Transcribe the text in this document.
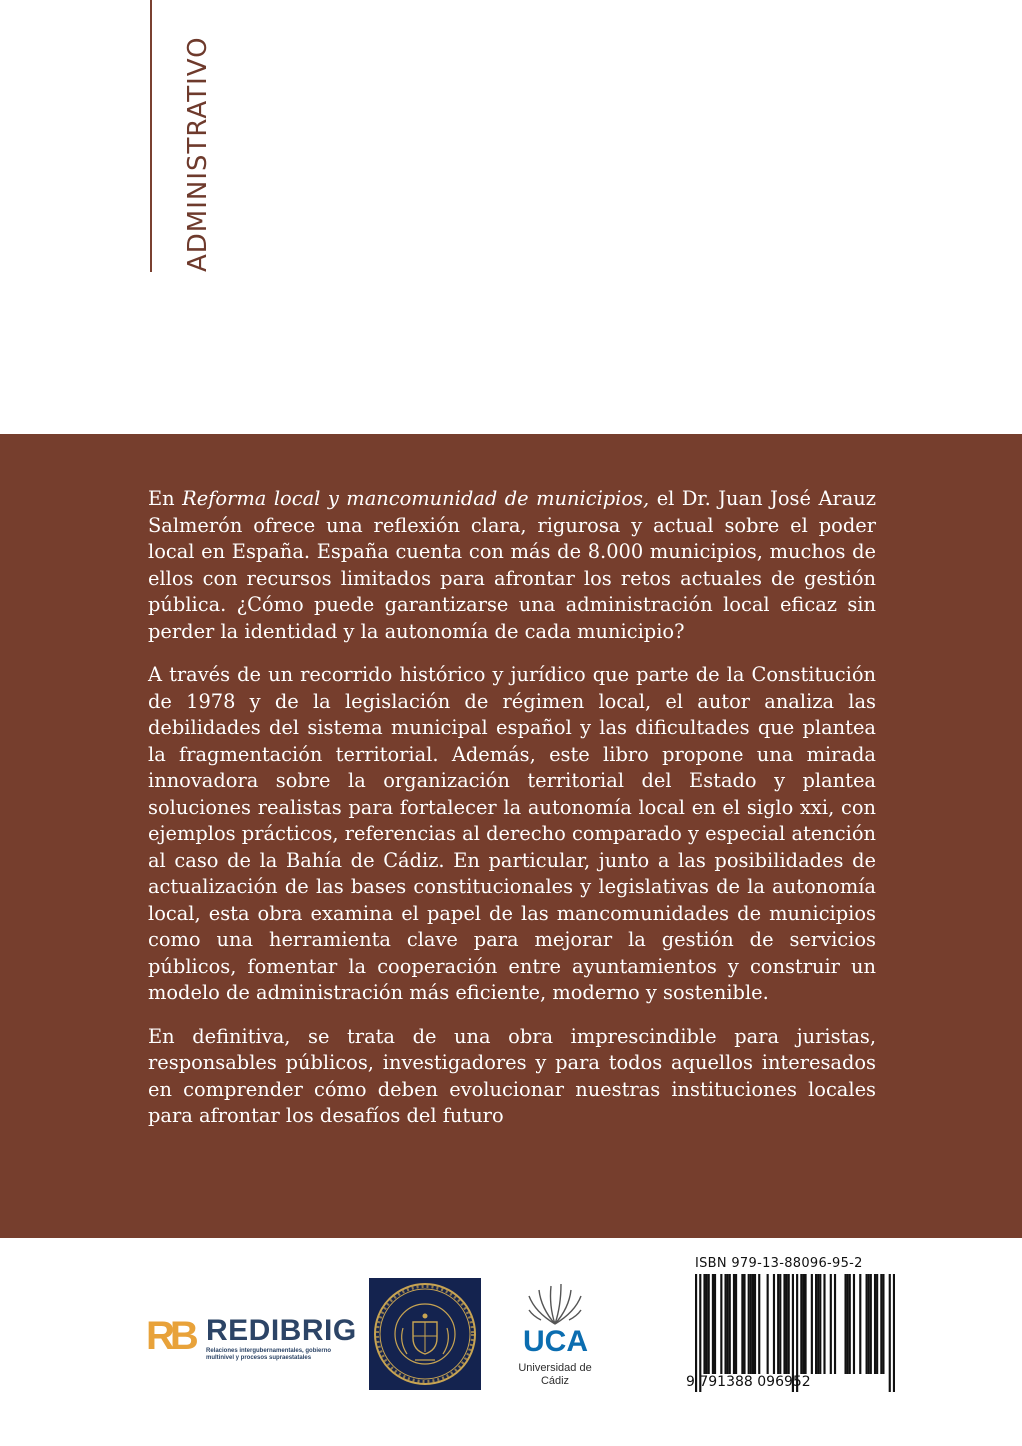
ADMINISTRATIVO

En Reforma local y mancomunidad de municipios, el Dr. Juan José Arauz Salmerón ofrece una reflexión clara, rigurosa y actual sobre el poder local en España. España cuenta con más de 8.000 municipios, muchos de ellos con recursos limitados para afrontar los retos actuales de gestión pública. ¿Cómo puede garantizarse una administración local eficaz sin perder la identidad y la autonomía de cada municipio?

A través de un recorrido histórico y jurídico que parte de la Constitución de 1978 y de la legislación de régimen local, el autor analiza las debilidades del sistema municipal español y las dificultades que plantea la fragmentación territorial. Además, este libro propone una mirada innovadora sobre la organización territorial del Estado y plantea soluciones realistas para fortalecer la autonomía local en el siglo xxi, con ejemplos prácticos, referencias al derecho comparado y especial atención al caso de la Bahía de Cádiz. En particular, junto a las posibilidades de actualización de las bases constitucionales y legislativas de la autonomía local, esta obra examina el papel de las mancomunidades de municipios como una herramienta clave para mejorar la gestión de servicios públicos, fomentar la cooperación entre ayuntamientos y construir un modelo de administración más eficiente, moderno y sostenible.

En definitiva, se trata de una obra imprescindible para juristas, responsables públicos, investigadores y para todos aquellos interesados en comprender cómo deben evolucionar nuestras instituciones locales para afrontar los desafíos del futuro

RB REDIBRIG
Relaciones intergubernamentales, gobierno multinivel y procesos supraestatales	UCA
Universidad de Cádiz
ISBN 979-13-88096-95-2
9 791388 096952
